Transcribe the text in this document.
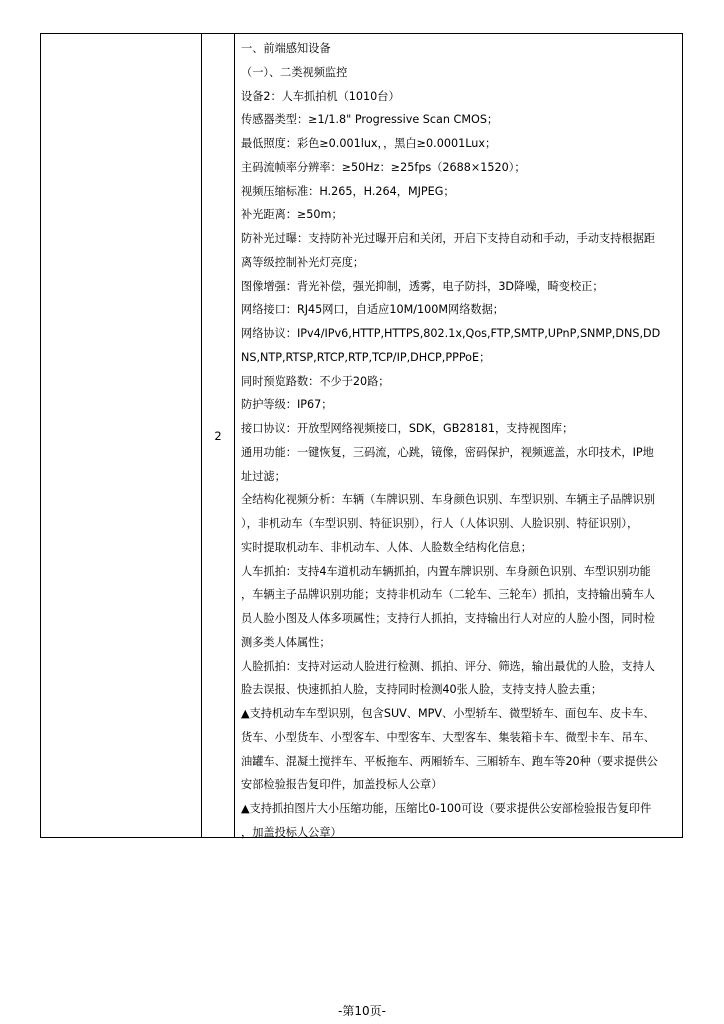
2
一、前端感知设备
（一）、二类视频监控
设备2：人车抓拍机（1010台）
传感器类型：≥1/1.8" Progressive Scan CMOS；
最低照度：彩色≥0.001lux，，黑白≥0.0001Lux；
主码流帧率分辨率：≥50Hz：≥25fps（2688×1520）；
视频压缩标准：H.265，H.264，MJPEG；
补光距离：≥50m；
防补光过曝：支持防补光过曝开启和关闭，开启下支持自动和手动，手动支持根据距
离等级控制补光灯亮度；
图像增强：背光补偿，强光抑制，透雾，电子防抖，3D降噪，畸变校正；
网络接口：RJ45网口，自适应10M/100M网络数据；
网络协议：IPv4/IPv6,HTTP,HTTPS,802.1x,Qos,FTP,SMTP,UPnP,SNMP,DNS,DD
NS,NTP,RTSP,RTCP,RTP,TCP/IP,DHCP,PPPoE；
同时预览路数：不少于20路；
防护等级：IP67；
接口协议：开放型网络视频接口，SDK，GB28181，支持视图库；
通用功能：一键恢复，三码流，心跳，镜像，密码保护，视频遮盖，水印技术，IP地
址过滤；
全结构化视频分析：车辆（车牌识别、车身颜色识别、车型识别、车辆主子品牌识别
），非机动车（车型识别、特征识别），行人（人体识别、人脸识别、特征识别），
实时提取机动车、非机动车、人体、人脸数全结构化信息；
人车抓拍：支持4车道机动车辆抓拍，内置车牌识别、车身颜色识别、车型识别功能
，车辆主子品牌识别功能；支持非机动车（二轮车、三轮车）抓拍，支持输出骑车人
员人脸小图及人体多项属性；支持行人抓拍，支持输出行人对应的人脸小图，同时检
测多类人体属性；
人脸抓拍：支持对运动人脸进行检测、抓拍、评分、筛选，输出最优的人脸，支持人
脸去误报、快速抓拍人脸，支持同时检测40张人脸，支持支持人脸去重；
▲支持机动车车型识别，包含SUV、MPV、小型轿车、微型轿车、面包车、皮卡车、
货车、小型货车、小型客车、中型客车、大型客车、集装箱卡车、微型卡车、吊车、
油罐车、混凝土搅拌车、平板拖车、两厢轿车、三厢轿车、跑车等20种（要求提供公
安部检验报告复印件，加盖投标人公章）
▲支持抓拍图片大小压缩功能，压缩比0-100可设（要求提供公安部检验报告复印件
，加盖投标人公章）
-第10页-
